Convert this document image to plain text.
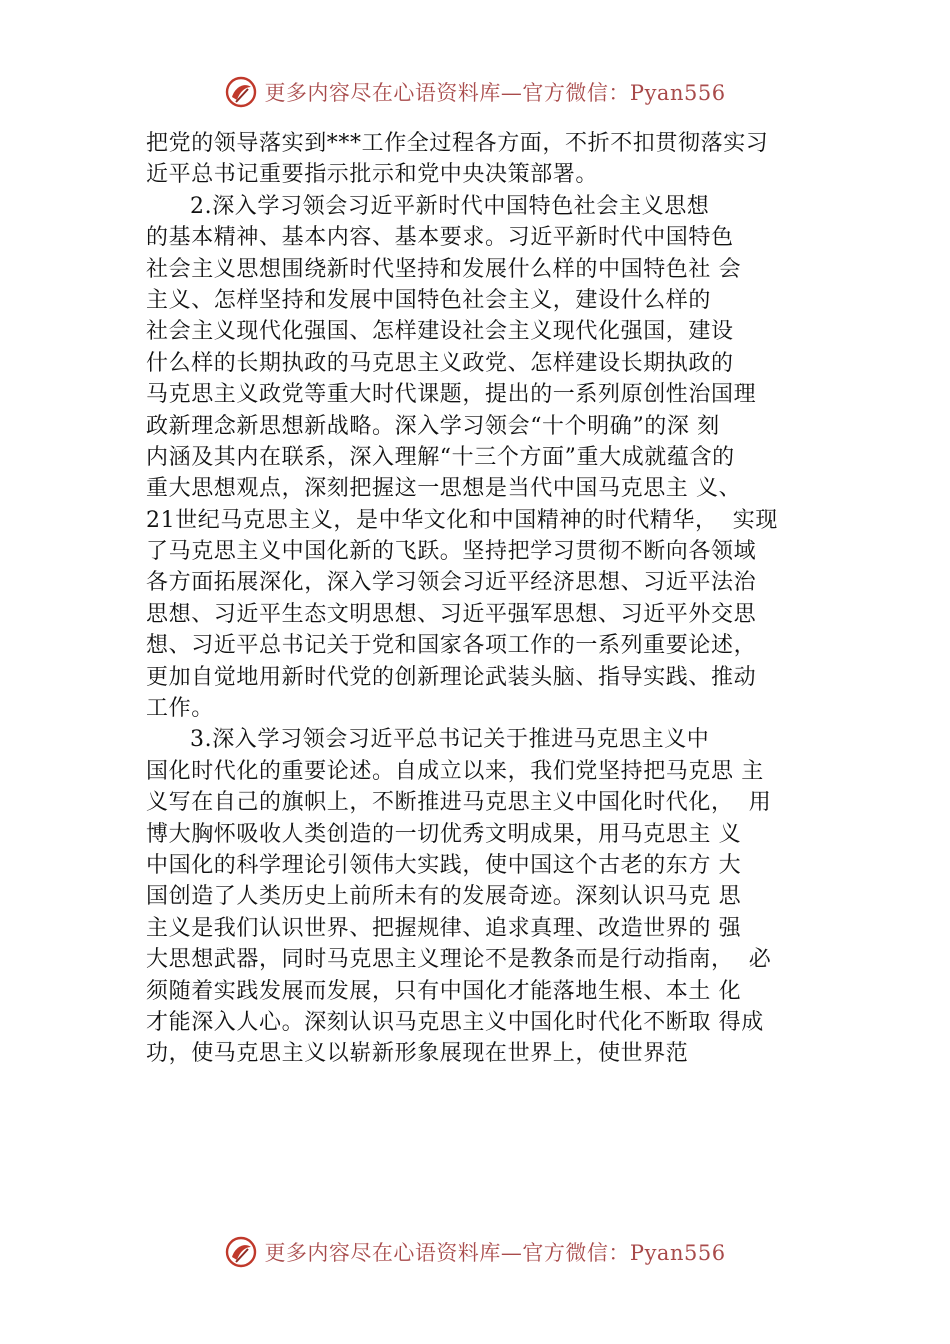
更多内容尽在心语资料库—官方微信：Pyan556
把党的领导落实到***工作全过程各方面，不折不扣贯彻落实习
近平总书记重要指示批示和党中央决策部署。
2.深入学习领会习近平新时代中国特色社会主义思想
的基本精神、基本内容、基本要求。习近平新时代中国特色
社会主义思想围绕新时代坚持和发展什么样的中国特色社 会
主义、怎样坚持和发展中国特色社会主义，建设什么样的
社会主义现代化强国、怎样建设社会主义现代化强国，建设
什么样的长期执政的马克思主义政党、怎样建设长期执政的
马克思主义政党等重大时代课题，提出的一系列原创性治国理
政新理念新思想新战略。深入学习领会“十个明确”的深 刻
内涵及其内在联系，深入理解“十三个方面”重大成就蕴含的
重大思想观点，深刻把握这一思想是当代中国马克思主 义、
21世纪马克思主义，是中华文化和中国精神的时代精华，  实现
了马克思主义中国化新的飞跃。坚持把学习贯彻不断向各领域
各方面拓展深化，深入学习领会习近平经济思想、习近平法治
思想、习近平生态文明思想、习近平强军思想、习近平外交思
想、习近平总书记关于党和国家各项工作的一系列重要论述，
更加自觉地用新时代党的创新理论武装头脑、指导实践、推动
工作。
3.深入学习领会习近平总书记关于推进马克思主义中
国化时代化的重要论述。自成立以来，我们党坚持把马克思 主
义写在自己的旗帜上，不断推进马克思主义中国化时代化，  用
博大胸怀吸收人类创造的一切优秀文明成果，用马克思主 义
中国化的科学理论引领伟大实践，使中国这个古老的东方 大
国创造了人类历史上前所未有的发展奇迹。深刻认识马克 思
主义是我们认识世界、把握规律、追求真理、改造世界的 强
大思想武器，同时马克思主义理论不是教条而是行动指南，  必
须随着实践发展而发展，只有中国化才能落地生根、本土 化
才能深入人心。深刻认识马克思主义中国化时代化不断取 得成
功，使马克思主义以崭新形象展现在世界上，使世界范
更多内容尽在心语资料库—官方微信：Pyan556
